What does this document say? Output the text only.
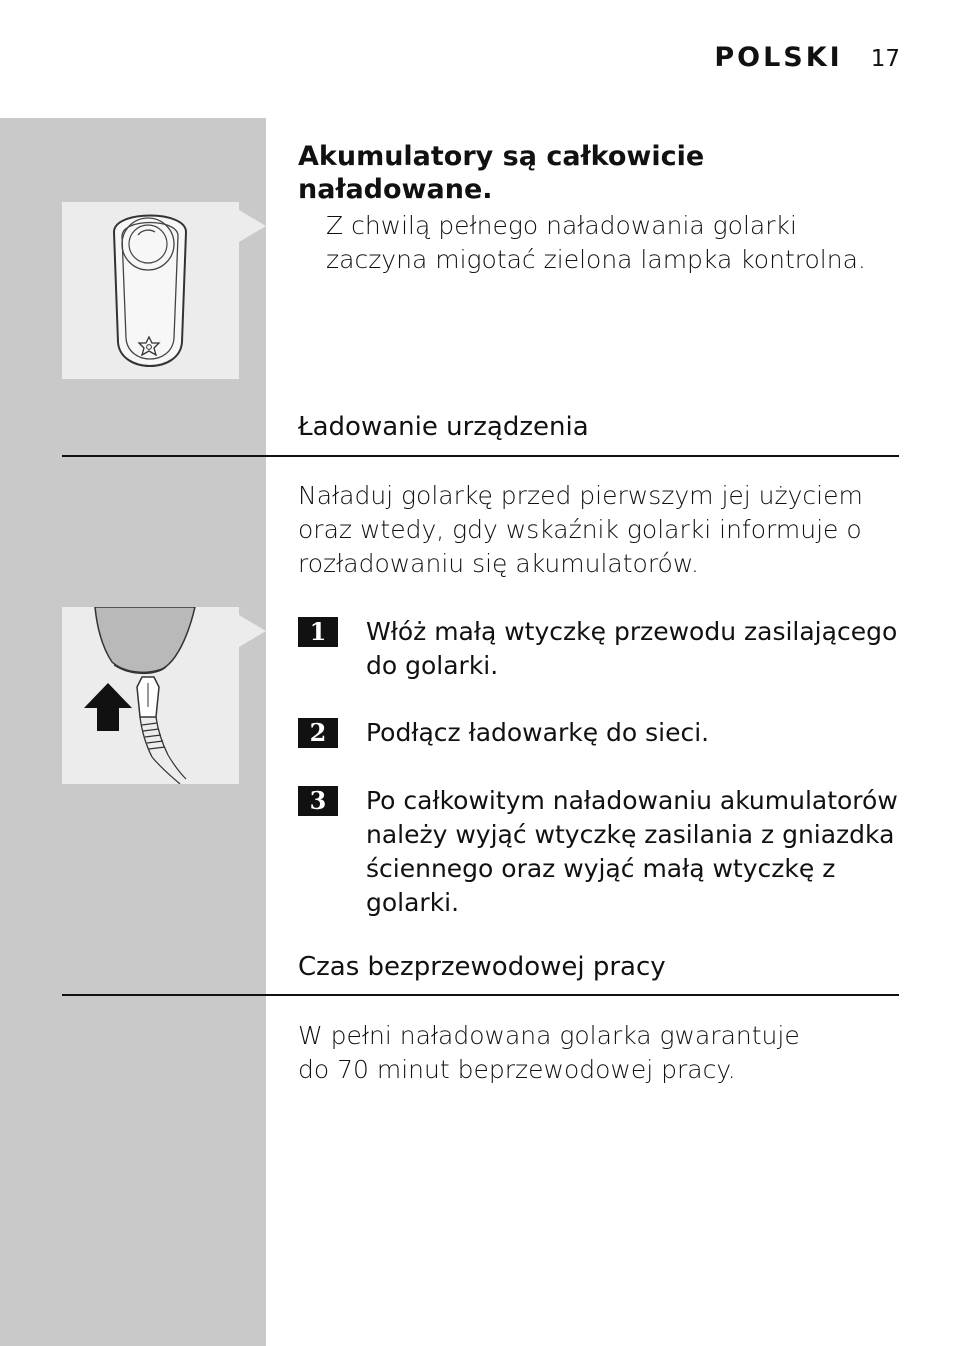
POLSKI 17
Akumulatory są całkowicie naładowane.

Z chwilą pełnego naładowania golarki zaczyna migotać zielona lampka kontrolna.

Ładowanie urządzenia

Naładuj golarkę przed pierwszym jej użyciem oraz wtedy, gdy wskaźnik golarki informuje o rozładowaniu się akumulatorów.

1	Włóż małą wtyczkę przewodu zasilającego do golarki.
2	Podłącz ładowarkę do sieci.
3	Po całkowitym naładowaniu akumulatorów należy wyjąć wtyczkę zasilania z gniazdka ściennego oraz wyjąć małą wtyczkę z golarki.
Czas bezprzewodowej pracy

W pełni naładowana golarka gwarantuje do 70 minut beprzewodowej pracy.
